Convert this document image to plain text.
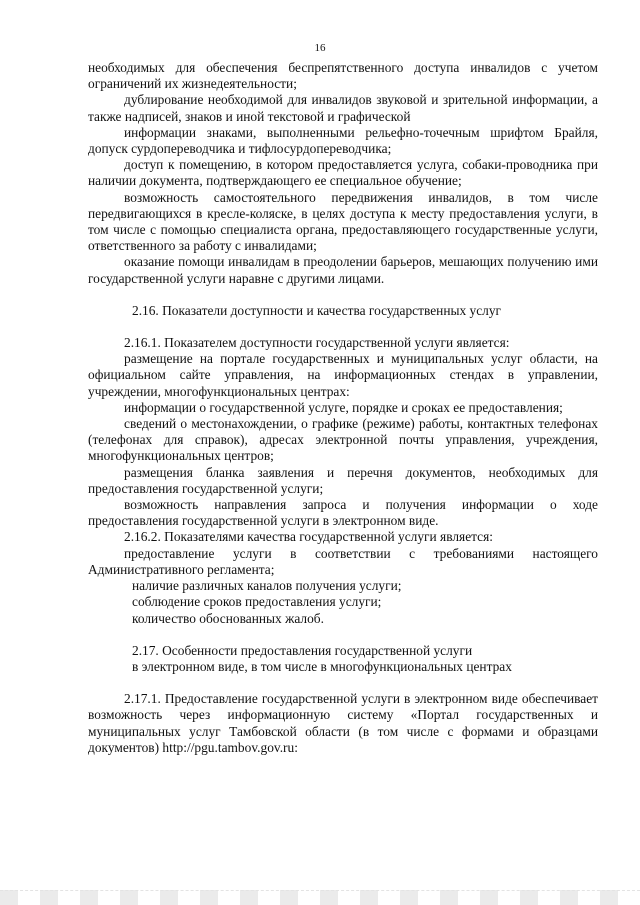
16

необходимых для обеспечения беспрепятственного доступа инвалидов с учетом ограничений их жизнедеятельности;

дублирование необходимой для инвалидов звуковой и зрительной информации, а также надписей, знаков и иной текстовой и графической

информации знаками, выполненными рельефно-точечным шрифтом Брайля, допуск сурдопереводчика и тифлосурдопереводчика;

доступ к помещению, в котором предоставляется услуга, собаки-проводника при наличии документа, подтверждающего ее специальное обучение;

возможность самостоятельного передвижения инвалидов, в том числе передвигающихся в кресле-коляске, в целях доступа к месту предоставления услуги, в том числе с помощью специалиста органа, предоставляющего государственные услуги, ответственного за работу с инвалидами;

оказание помощи инвалидам в преодолении барьеров, мешающих получению ими государственной услуги наравне с другими лицами.

2.16. Показатели доступности и качества государственных услуг

2.16.1. Показателем доступности государственной услуги является:

размещение на портале государственных и муниципальных услуг области, на официальном сайте управления, на информационных стендах в управлении, учреждении, многофункциональных центрах:

информации о государственной услуге, порядке и сроках ее предоставления;

сведений о местонахождении, о графике (режиме) работы, контактных телефонах (телефонах для справок), адресах электронной почты управления, учреждения, многофункциональных центров;

размещения бланка заявления и перечня документов, необходимых для предоставления государственной услуги;

возможность направления запроса и получения информации о ходе предоставления государственной услуги в электронном виде.

2.16.2. Показателями качества государственной услуги является:

предоставление услуги в соответствии с требованиями настоящего Административного регламента;

наличие различных каналов получения услуги;

соблюдение сроков предоставления услуги;

количество обоснованных жалоб.

2.17. Особенности предоставления государственной услуги

в электронном виде, в том числе в многофункциональных центрах

2.17.1. Предоставление государственной услуги в электронном виде обеспечивает возможность через информационную систему «Портал государственных и муниципальных услуг Тамбовской области (в том числе с формами и образцами документов) http://pgu.tambov.gov.ru:
